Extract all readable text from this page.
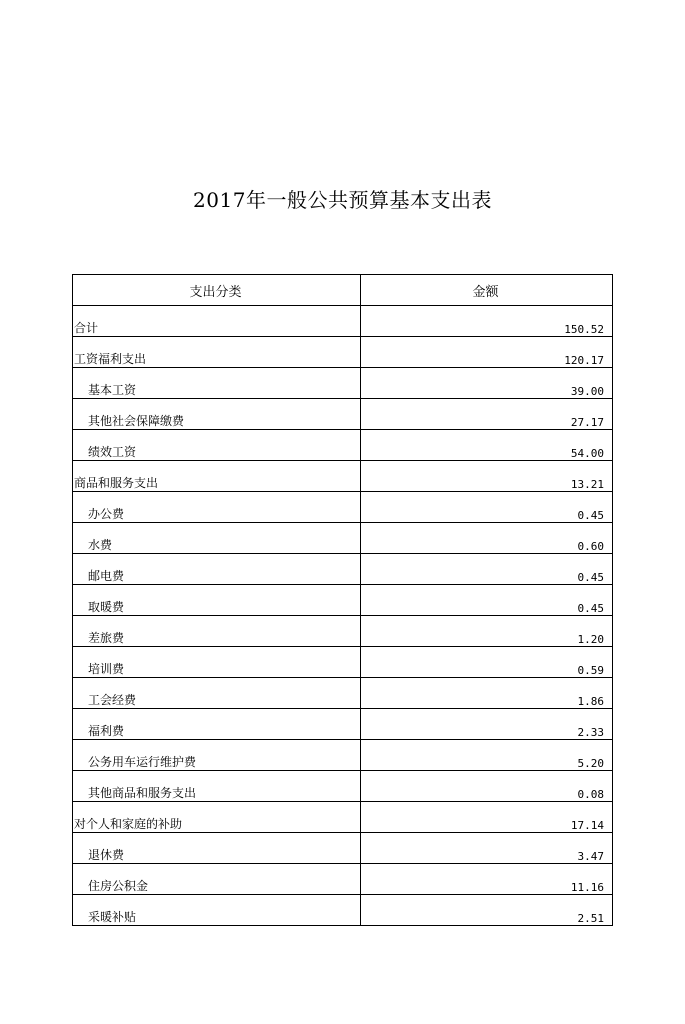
2017年一般公共预算基本支出表
支出分类	金额
合计	150.52
工资福利支出	120.17
基本工资	39.00
其他社会保障缴费	27.17
绩效工资	54.00
商品和服务支出	13.21
办公费	0.45
水费	0.60
邮电费	0.45
取暖费	0.45
差旅费	1.20
培训费	0.59
工会经费	1.86
福利费	2.33
公务用车运行维护费	5.20
其他商品和服务支出	0.08
对个人和家庭的补助	17.14
退休费	3.47
住房公积金	11.16
采暖补贴	2.51
